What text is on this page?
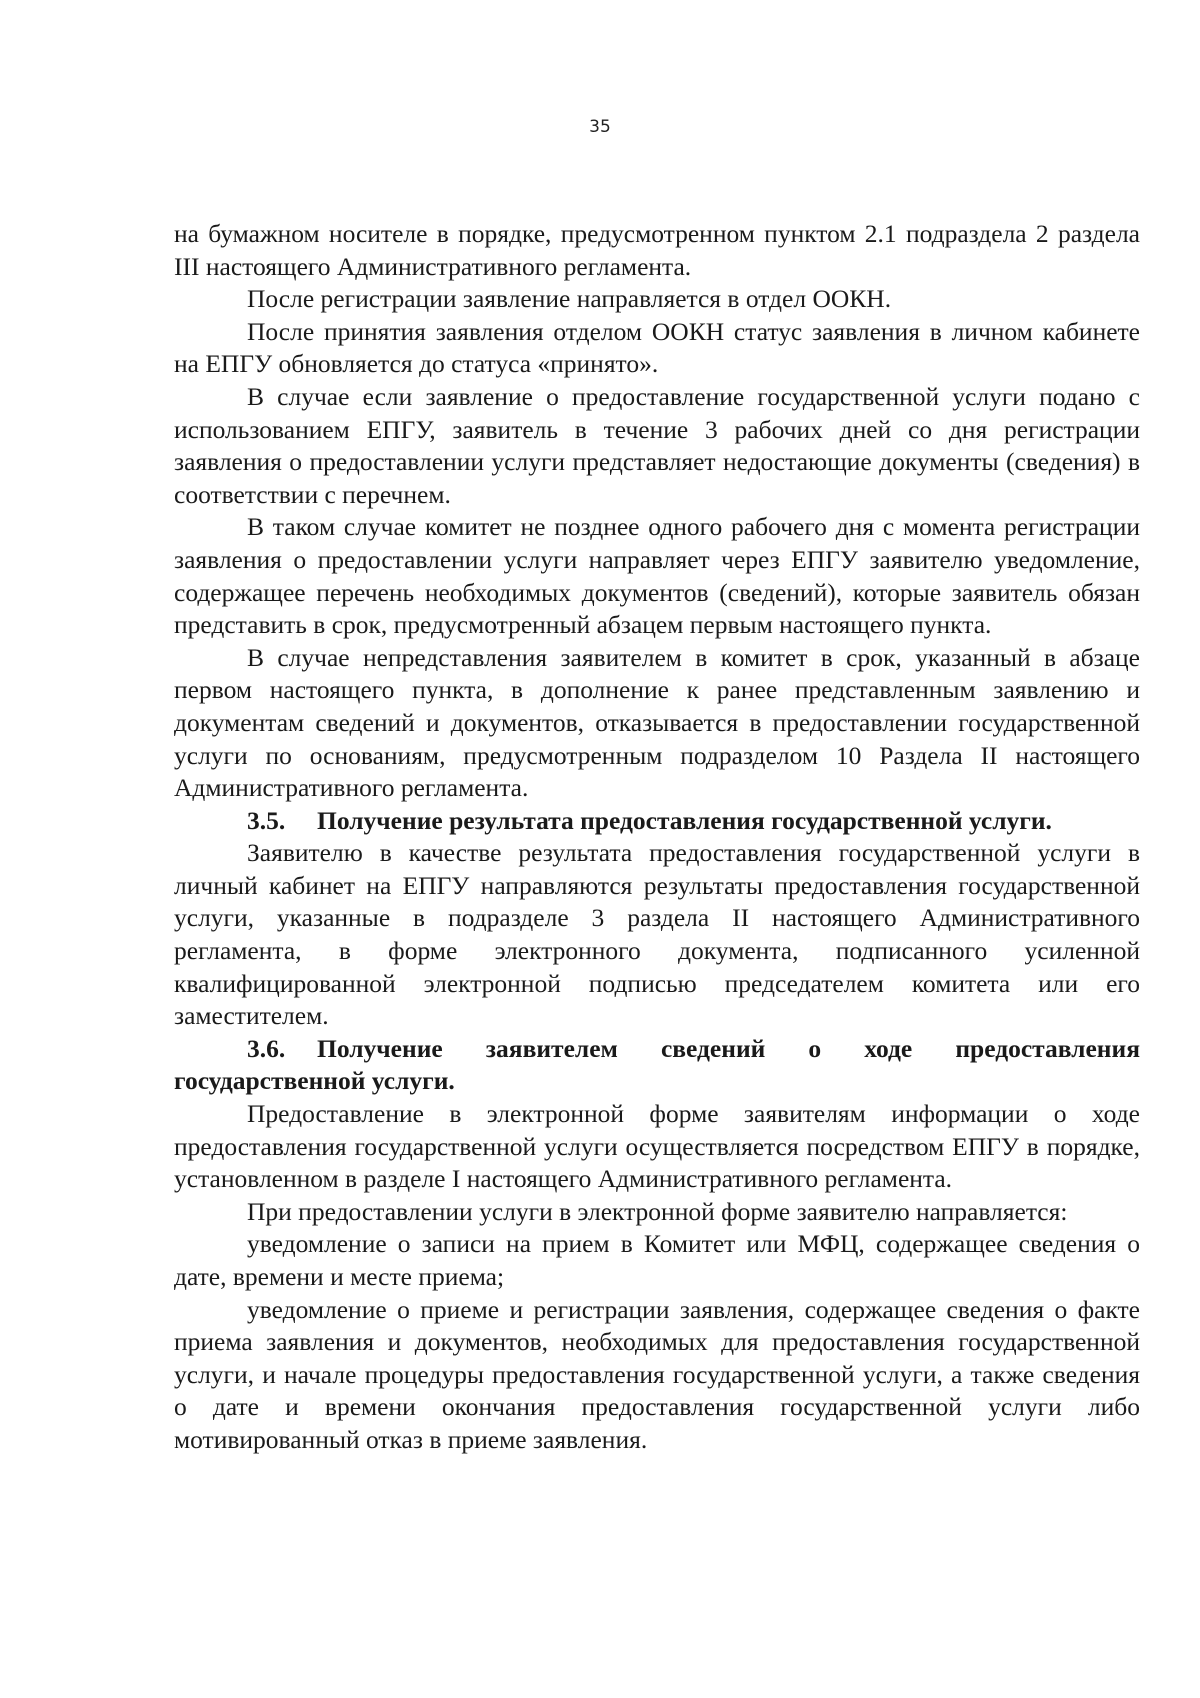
35

на бумажном носителе в порядке, предусмотренном пунктом 2.1 подраздела 2 раздела III настоящего Административного регламента.

После регистрации заявление направляется в отдел ООКН.

После принятия заявления отделом ООКН статус заявления в личном кабинете на ЕПГУ обновляется до статуса «принято».

В случае если заявление о предоставление государственной услуги подано с использованием ЕПГУ, заявитель в течение 3 рабочих дней со дня регистрации заявления о предоставлении услуги представляет недостающие документы (сведения) в соответствии с перечнем.

В таком случае комитет не позднее одного рабочего дня с момента регистрации заявления о предоставлении услуги направляет через ЕПГУ заявителю уведомление, содержащее перечень необходимых документов (сведений), которые заявитель обязан представить в срок, предусмотренный абзацем первым настоящего пункта.

В случае непредставления заявителем в комитет в срок, указанный в абзаце первом настоящего пункта, в дополнение к ранее представленным заявлению и документам сведений и документов, отказывается в предоставлении государственной услуги по основаниям, предусмотренным подразделом 10 Раздела II настоящего Административного регламента.

3.5. Получение результата предоставления государственной услуги.

Заявителю в качестве результата предоставления государственной услуги в личный кабинет на ЕПГУ направляются результаты предоставления государственной услуги, указанные в подразделе 3 раздела II настоящего Административного регламента, в форме электронного документа, подписанного усиленной квалифицированной электронной подписью председателем комитета или его заместителем.

3.6. Получение заявителем сведений о ходе предоставления государственной услуги.

Предоставление в электронной форме заявителям информации о ходе предоставления государственной услуги осуществляется посредством ЕПГУ в порядке, установленном в разделе I настоящего Административного регламента.

При предоставлении услуги в электронной форме заявителю направляется:

уведомление о записи на прием в Комитет или МФЦ, содержащее сведения о дате, времени и месте приема;

уведомление о приеме и регистрации заявления, содержащее сведения о факте приема заявления и документов, необходимых для предоставления государственной услуги, и начале процедуры предоставления государственной услуги, а также сведения о дате и времени окончания предоставления государственной услуги либо мотивированный отказ в приеме заявления.
